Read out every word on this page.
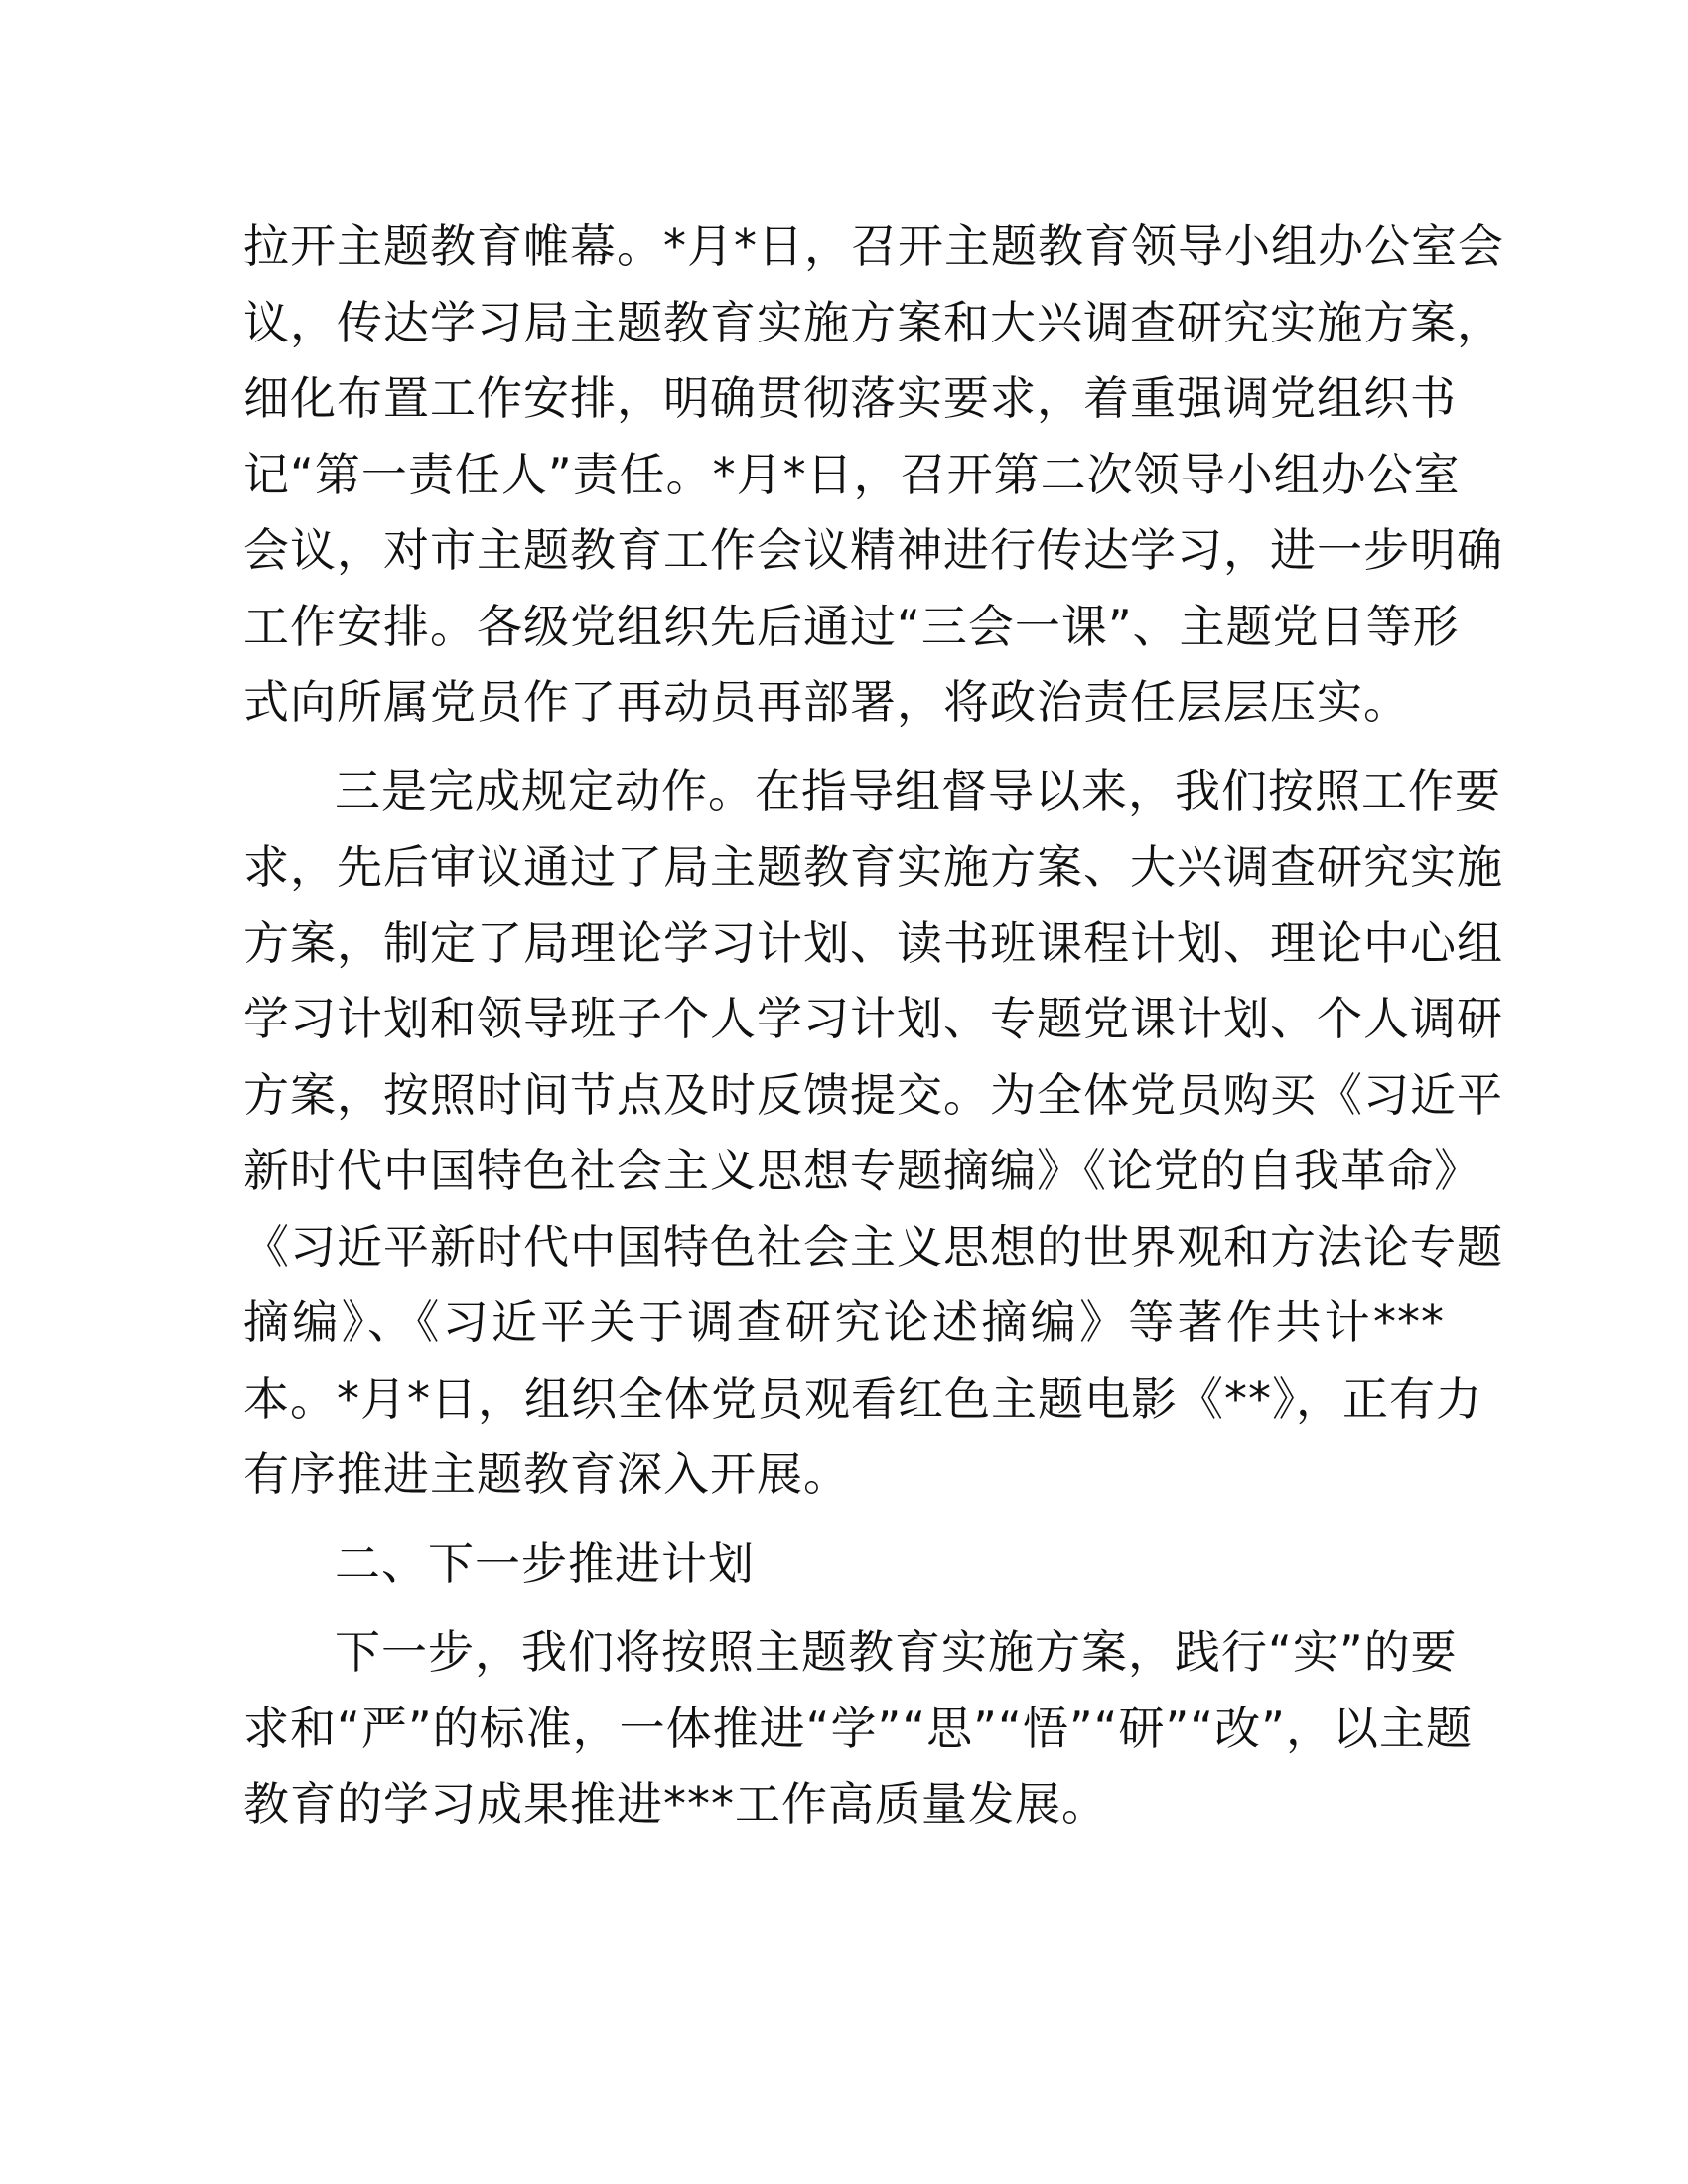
拉开主题教育帷幕。*月*日，召开主题教育领导小组办公室会
议，传达学习局主题教育实施方案和大兴调查研究实施方案，
细化布置工作安排，明确贯彻落实要求，着重强调党组织书
记“第一责任人”责任。*月*日，召开第二次领导小组办公室
会议，对市主题教育工作会议精神进行传达学习，进一步明确
工作安排。各级党组织先后通过“三会一课”、主题党日等形
式向所属党员作了再动员再部署，将政治责任层层压实。

三是完成规定动作。在指导组督导以来，我们按照工作要
求，先后审议通过了局主题教育实施方案、大兴调查研究实施
方案，制定了局理论学习计划、读书班课程计划、理论中心组
学习计划和领导班子个人学习计划、专题党课计划、个人调研
方案，按照时间节点及时反馈提交。为全体党员购买《习近平
新时代中国特色社会主义思想专题摘编》《论党的自我革命》
《习近平新时代中国特色社会主义思想的世界观和方法论专题
摘编》、《习近平关于调查研究论述摘编》等著作共计***
本。*月*日，组织全体党员观看红色主题电影《**》，正有力
有序推进主题教育深入开展。

二、下一步推进计划

下一步，我们将按照主题教育实施方案，践行“实”的要
求和“严”的标准，一体推进“学”“思”“悟”“研”“改”，以主题
教育的学习成果推进***工作高质量发展。
